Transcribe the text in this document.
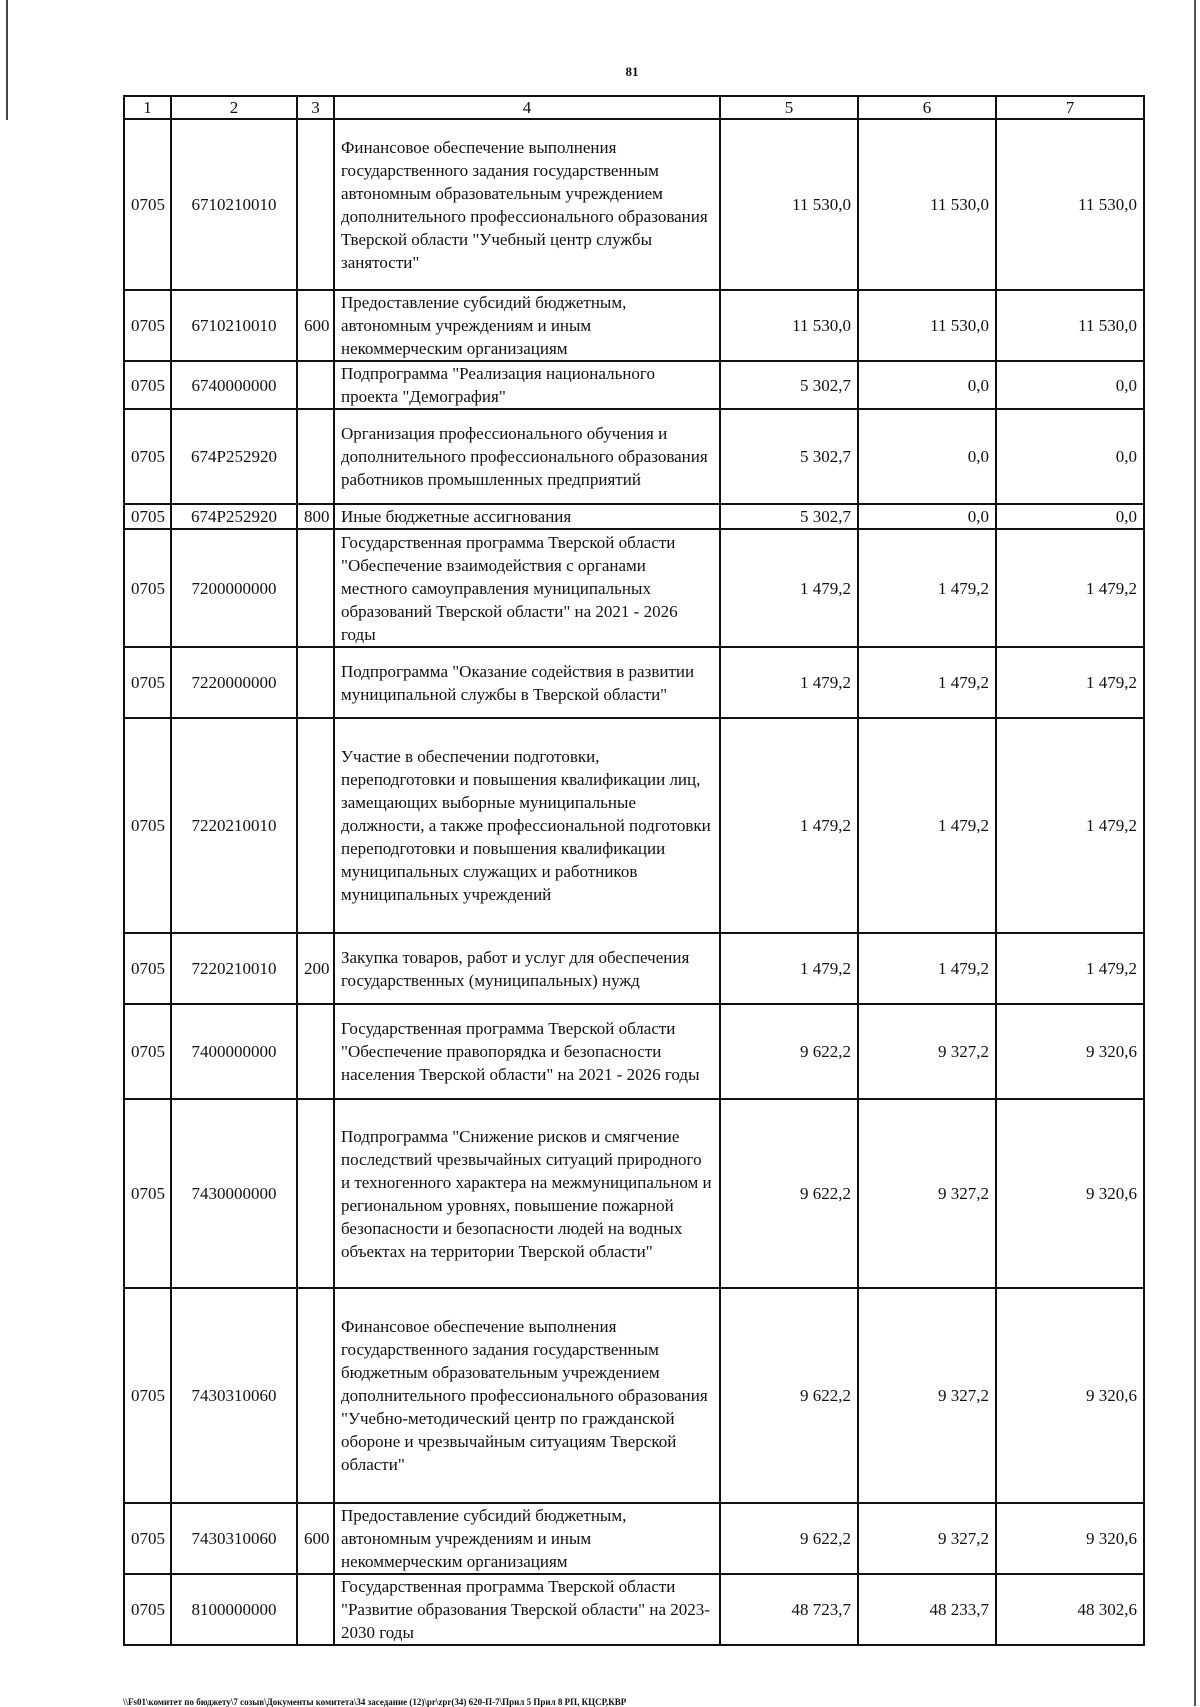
81
1	2	3	4	5	6	7
0705	6710210010		Финансовое обеспечение выполнения государственного задания государственным автономным образовательным учреждением дополнительного профессионального образования Тверской области "Учебный центр службы занятости"	11 530,0	11 530,0	11 530,0
0705	6710210010	600	Предоставление субсидий бюджетным, автономным учреждениям и иным некоммерческим организациям	11 530,0	11 530,0	11 530,0
0705	6740000000		Подпрограмма "Реализация национального проекта "Демография"	5 302,7	0,0	0,0
0705	674P252920		Организация профессионального обучения и дополнительного профессионального образования работников промышленных предприятий	5 302,7	0,0	0,0
0705	674P252920	800	Иные бюджетные ассигнования	5 302,7	0,0	0,0
0705	7200000000		Государственная программа Тверской области "Обеспечение взаимодействия с органами местного самоуправления муниципальных образований Тверской области" на 2021 - 2026 годы	1 479,2	1 479,2	1 479,2
0705	7220000000		Подпрограмма "Оказание содействия в развитии муниципальной службы в Тверской области"	1 479,2	1 479,2	1 479,2
0705	7220210010		Участие в обеспечении подготовки, переподготовки и повышения квалификации лиц, замещающих выборные муниципальные должности, а также профессиональной подготовки переподготовки и повышения квалификации муниципальных служащих и работников муниципальных учреждений	1 479,2	1 479,2	1 479,2
0705	7220210010	200	Закупка товаров, работ и услуг для обеспечения государственных (муниципальных) нужд	1 479,2	1 479,2	1 479,2
0705	7400000000		Государственная программа Тверской области "Обеспечение правопорядка и безопасности населения Тверской области" на 2021 - 2026 годы	9 622,2	9 327,2	9 320,6
0705	7430000000		Подпрограмма "Снижение рисков и смягчение последствий чрезвычайных ситуаций природного и техногенного характера на межмуниципальном и региональном уровнях, повышение пожарной безопасности и безопасности людей на водных объектах на территории Тверской области"	9 622,2	9 327,2	9 320,6
0705	7430310060		Финансовое обеспечение выполнения государственного задания государственным бюджетным образовательным учреждением дополнительного профессионального образования "Учебно-методический центр по гражданской обороне и чрезвычайным ситуациям Тверской области"	9 622,2	9 327,2	9 320,6
0705	7430310060	600	Предоставление субсидий бюджетным, автономным учреждениям и иным некоммерческим организациям	9 622,2	9 327,2	9 320,6
0705	8100000000		Государственная программа Тверской области "Развитие образования Тверской области" на 2023-2030 годы	48 723,7	48 233,7	48 302,6
\\Fs01\комитет по бюджету\7 созыв\Документы комитета\34 заседание (12)\pr\zpr(34) 620-П-7\Прил 5 Прил 8 РП, КЦСР,КВР
